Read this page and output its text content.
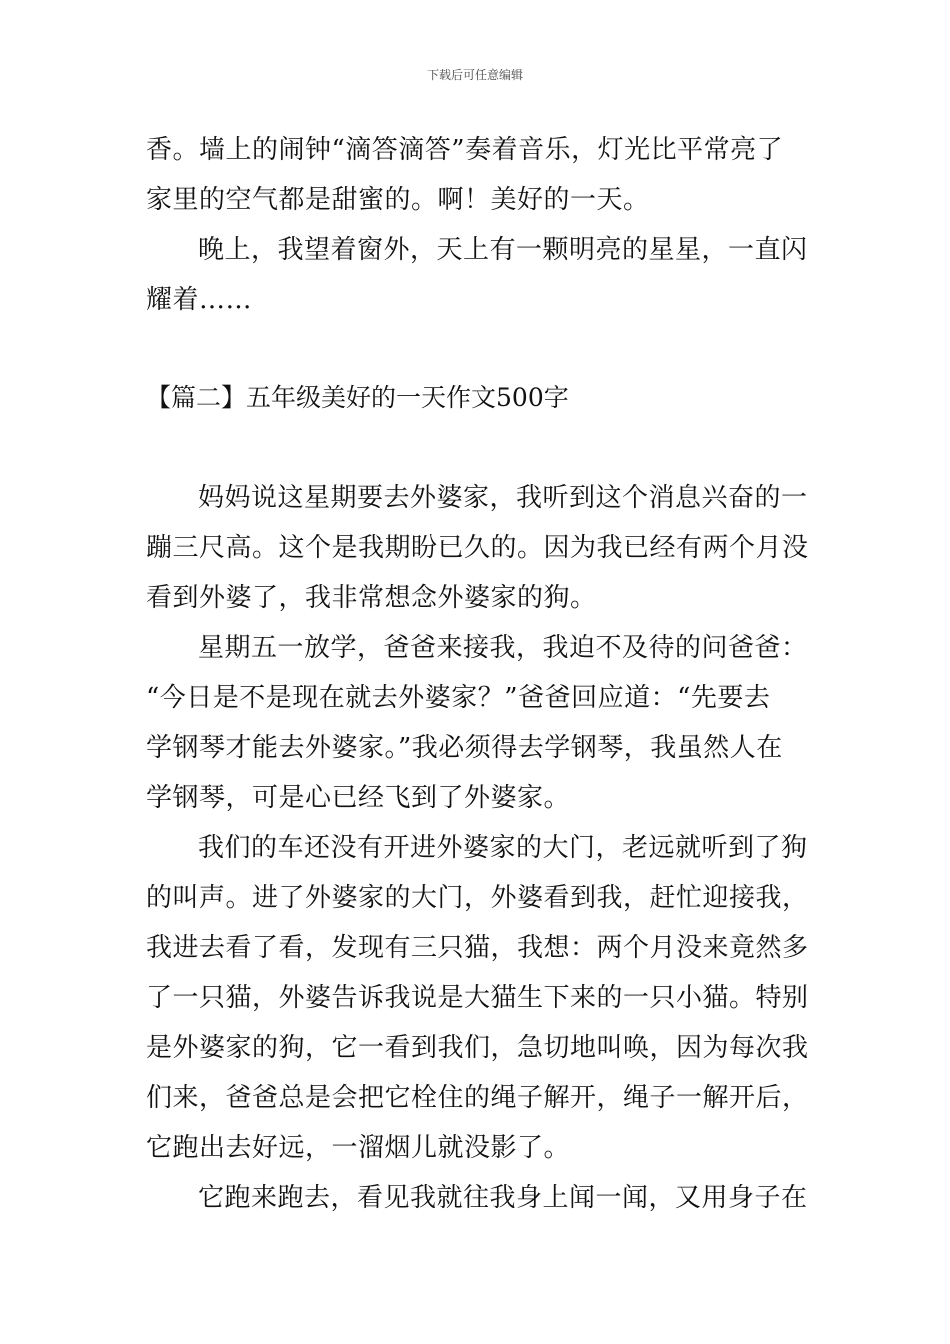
下载后可任意编辑
香。墙上的闹钟“滴答滴答”奏着音乐，灯光比平常亮了
家里的空气都是甜蜜的。啊！美好的一天。
晚上，我望着窗外，天上有一颗明亮的星星，一直闪
耀着……
【篇二】五年级美好的一天作文500字
妈妈说这星期要去外婆家，我听到这个消息兴奋的一
蹦三尺高。这个是我期盼已久的。因为我已经有两个月没
看到外婆了，我非常想念外婆家的狗。
星期五一放学，爸爸来接我，我迫不及待的问爸爸：
“今日是不是现在就去外婆家？”爸爸回应道：“先要去
学钢琴才能去外婆家。”我必须得去学钢琴，我虽然人在
学钢琴，可是心已经飞到了外婆家。
我们的车还没有开进外婆家的大门，老远就听到了狗
的叫声。进了外婆家的大门，外婆看到我，赶忙迎接我，
我进去看了看，发现有三只猫，我想：两个月没来竟然多
了一只猫，外婆告诉我说是大猫生下来的一只小猫。特别
是外婆家的狗，它一看到我们，急切地叫唤，因为每次我
们来，爸爸总是会把它栓住的绳子解开，绳子一解开后，
它跑出去好远，一溜烟儿就没影了。
它跑来跑去，看见我就往我身上闻一闻，又用身子在
